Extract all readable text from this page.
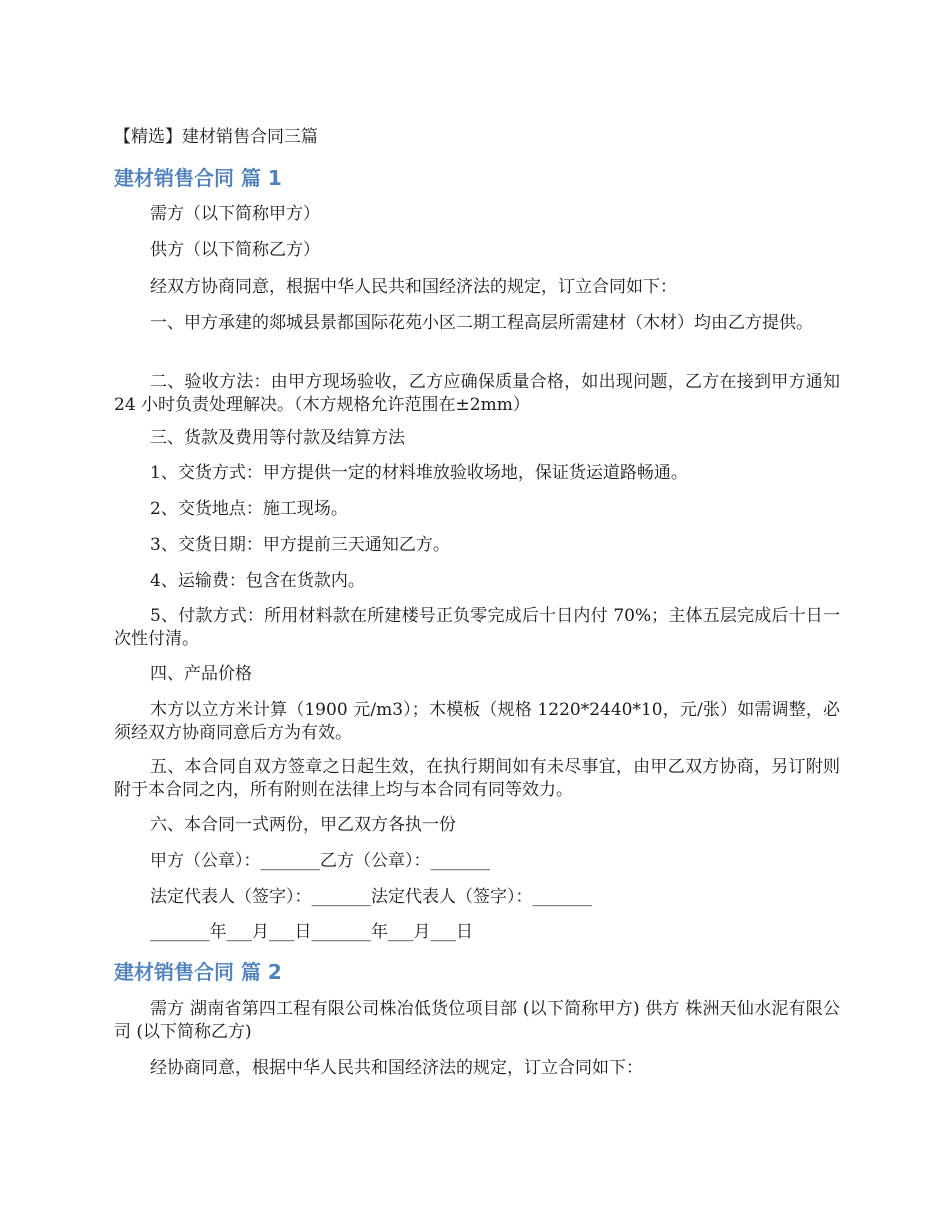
【精选】建材销售合同三篇
建材销售合同 篇 1
需方（以下简称甲方）
供方（以下简称乙方）
经双方协商同意，根据中华人民共和国经济法的规定，订立合同如下：
一、甲方承建的郯城县景都国际花苑小区二期工程高层所需建材（木材）均由乙方提供。
二、验收方法：由甲方现场验收，乙方应确保质量合格，如出现问题，乙方在接到甲方通知 24 小时负责处理解决。（木方规格允许范围在±2mm）
三、货款及费用等付款及结算方法
1、交货方式：甲方提供一定的材料堆放验收场地，保证货运道路畅通。
2、交货地点：施工现场。
3、交货日期：甲方提前三天通知乙方。
4、运输费：包含在货款内。
5、付款方式：所用材料款在所建楼号正负零完成后十日内付 70%；主体五层完成后十日一次性付清。
四、产品价格
木方以立方米计算（1900 元/m3）；木模板（规格 1220*2440*10，元/张）如需调整，必须经双方协商同意后方为有效。
五、本合同自双方签章之日起生效，在执行期间如有未尽事宜，由甲乙双方协商，另订附则附于本合同之内，所有附则在法律上均与本合同有同等效力。
六、本合同一式两份，甲乙双方各执一份
甲方（公章）：_______乙方（公章）：_______
法定代表人（签字）：_______法定代表人（签字）：_______
_______年___月___日_______年___月___日
建材销售合同 篇 2
需方 湖南省第四工程有限公司株冶低货位项目部 (以下简称甲方) 供方 株洲天仙水泥有限公司 (以下简称乙方)
经协商同意，根据中华人民共和国经济法的规定，订立合同如下：
